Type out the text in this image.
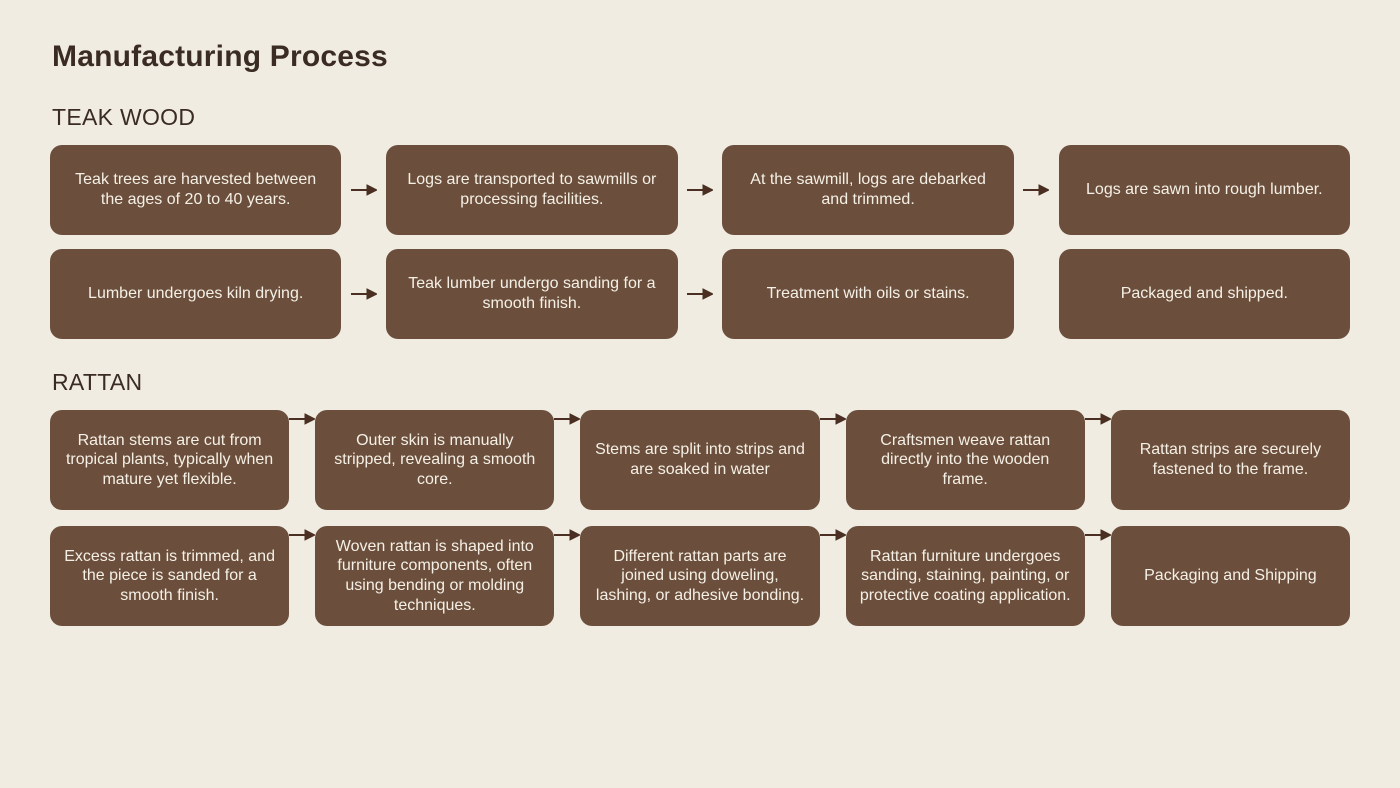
Manufacturing Process
TEAK WOOD
Teak trees are harvested between the ages of 20 to 40 years.
Logs are transported to sawmills or processing facilities.
At the sawmill, logs are debarked and trimmed.
Logs are sawn into rough lumber.
Lumber undergoes kiln drying.
Teak lumber undergo sanding for a smooth finish.
Treatment with oils or stains.	Packaged and shipped.
RATTAN
Rattan stems are cut from tropical plants, typically when mature yet flexible.
Outer skin is manually stripped, revealing a smooth core.
Stems are split into strips and are soaked in water
Craftsmen weave rattan directly into the wooden frame.
Rattan strips are securely fastened to the frame.
Excess rattan is trimmed, and the piece is sanded for a smooth finish.
Woven rattan is shaped into furniture components, often using bending or molding techniques.
Different rattan parts are joined using doweling, lashing, or adhesive bonding.
Rattan furniture undergoes sanding, staining, painting, or protective coating application.
Packaging and Shipping
